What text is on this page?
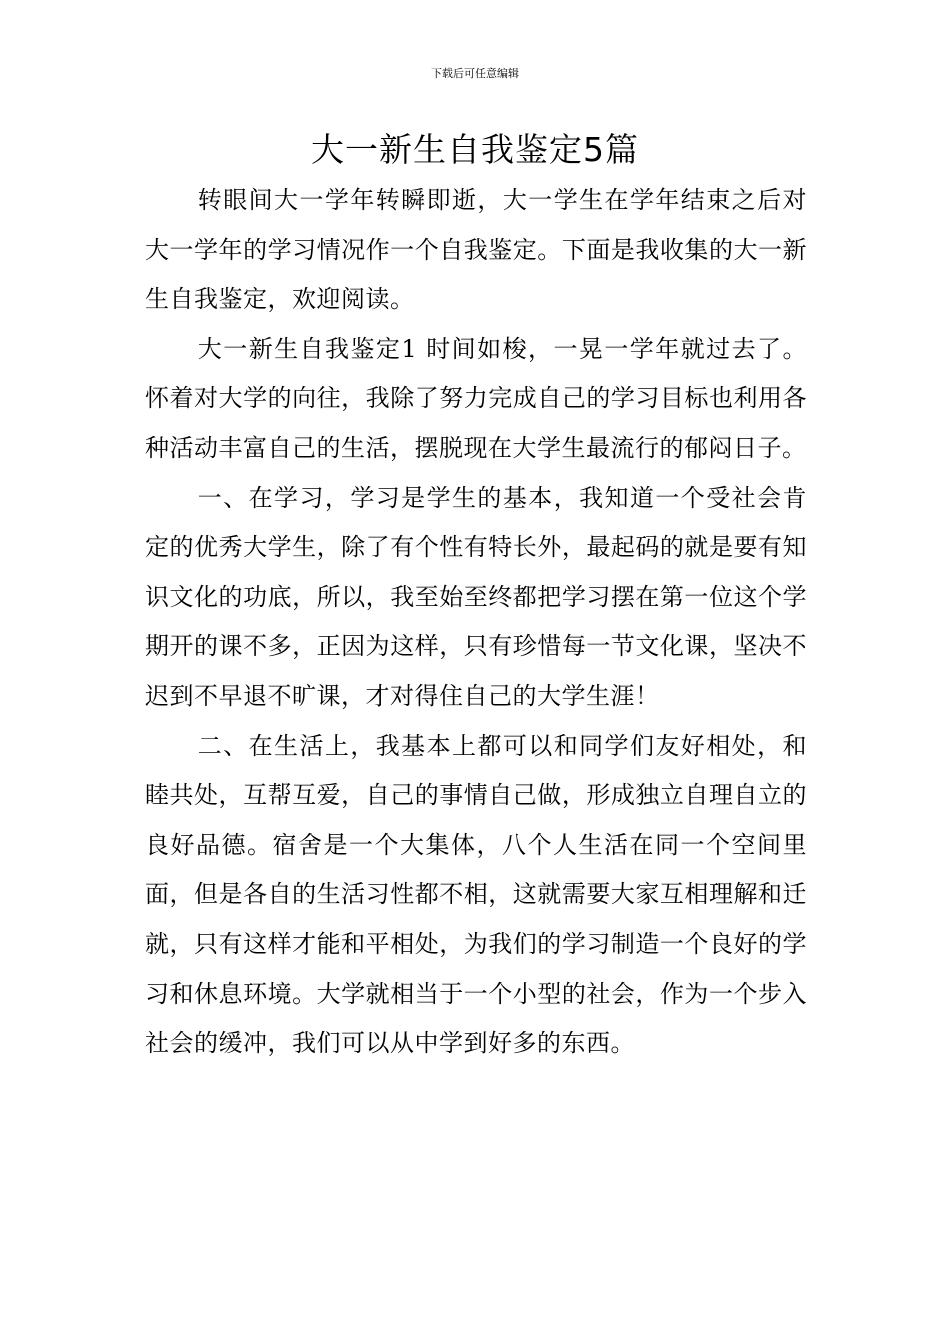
下载后可任意编辑
大一新生自我鉴定5篇

转眼间大一学年转瞬即逝，大一学生在学年结束之后对大一学年的学习情况作一个自我鉴定。下面是我收集的大一新生自我鉴定，欢迎阅读。

大一新生自我鉴定1 时间如梭，一晃一学年就过去了。怀着对大学的向往，我除了努力完成自己的学习目标也利用各种活动丰富自己的生活，摆脱现在大学生最流行的郁闷日子。

一、在学习，学习是学生的基本，我知道一个受社会肯定的优秀大学生，除了有个性有特长外，最起码的就是要有知识文化的功底，所以，我至始至终都把学习摆在第一位这个学期开的课不多，正因为这样，只有珍惜每一节文化课，坚决不迟到不早退不旷课，才对得住自己的大学生涯！

二、在生活上，我基本上都可以和同学们友好相处，和睦共处，互帮互爱，自己的事情自己做，形成独立自理自立的良好品德。宿舍是一个大集体，八个人生活在同一个空间里面，但是各自的生活习性都不相，这就需要大家互相理解和迁就，只有这样才能和平相处，为我们的学习制造一个良好的学习和休息环境。大学就相当于一个小型的社会，作为一个步入社会的缓冲，我们可以从中学到好多的东西。
